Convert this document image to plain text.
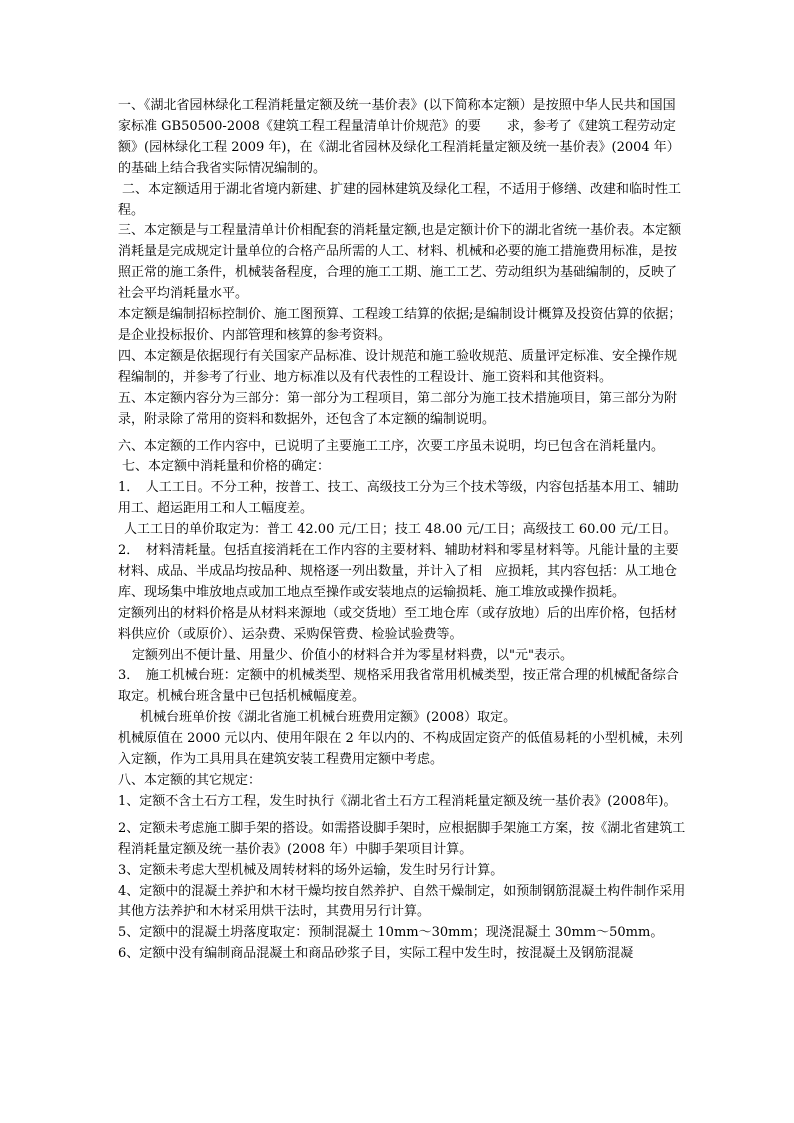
一、《湖北省园林绿化工程消耗量定额及统一基价表》(以下简称本定额）是按照中华人民共和国国家标准 GB50500-2008《建筑工程工程量清单计价规范》的要　　求，参考了《建筑工程劳动定额》(园林绿化工程 2009 年)，在《湖北省园林及绿化工程消耗量定额及统一基价表》(2004 年）的基础上结合我省实际情况编制的。

二、本定额适用于湖北省境内新建、扩建的园林建筑及绿化工程，不适用于修缮、改建和临时性工程。

三、本定额是与工程量清单计价相配套的消耗量定额,也是定额计价下的湖北省统一基价表。本定额消耗量是完成规定计量单位的合格产品所需的人工、材料、机械和必要的施工措施费用标准，是按照正常的施工条件，机械装备程度，合理的施工工期、施工工艺、劳动组织为基础编制的，反映了社会平均消耗量水平。

本定额是编制招标控制价、施工图预算、工程竣工结算的依据;是编制设计概算及投资估算的依据；是企业投标报价、内部管理和核算的参考资料。

四、本定额是依据现行有关国家产品标准、设计规范和施工验收规范、质量评定标准、安全操作规程编制的，并参考了行业、地方标准以及有代表性的工程设计、施工资料和其他资料。

五、本定额内容分为三部分：第一部分为工程项目，第二部分为施工技术措施项目，第三部分为附录，附录除了常用的资料和数据外，还包含了本定额的编制说明。

六、本定额的工作内容中，已说明了主要施工工序，次要工序虽未说明，均已包含在消耗量内。

七、本定额中消耗量和价格的确定：

1．　人工工日。不分工种，按普工、技工、高级技工分为三个技术等级，内容包括基本用工、辅助用工、超运距用工和人工幅度差。

人工工日的单价取定为：普工 42.00 元/工日；技工 48.00 元/工日；高级技工 60.00 元/工日。

2．　材料清耗量。包括直接消耗在工作内容的主要材料、辅助材料和零星材料等。凡能计量的主要材料、成品、半成品均按品种、规格逐一列出数量，并计入了相　应损耗，其内容包括：从工地仓库、现场集中堆放地点或加工地点至操作或安装地点的运输损耗、施工堆放或操作损耗。

定额列出的材料价格是从材料来源地（或交货地）至工地仓库（或存放地）后的出库价格，包括材料供应价（或原价）、运杂费、采购保管费、检验试验费等。

定额列出不便计量、用量少、价值小的材料合并为零星材料费，以"元"表示。

3．　施工机械台班：定额中的机械类型、规格采用我省常用机械类型，按正常合理的机械配备综合取定。机械台班含量中已包括机械幅度差。

机械台班单价按《湖北省施工机械台班费用定额》(2008）取定。

机械原值在 2000 元以内、使用年限在 2 年以内的、不构成固定资产的低值易耗的小型机械，未列入定额，作为工具用具在建筑安装工程费用定额中考虑。

八、本定额的其它规定：

1、定额不含土石方工程，发生时执行《湖北省土石方工程消耗量定额及统一基价表》(2008年)。

2、定额未考虑施工脚手架的搭设。如需搭设脚手架时，应根据脚手架施工方案，按《湖北省建筑工程消耗量定额及统一基价表》(2008 年）中脚手架项目计算。

3、定额未考虑大型机械及周转材料的场外运输，发生时另行计算。

4、定额中的混凝土养护和木材干燥均按自然养护、自然干燥制定，如预制钢筋混凝土构件制作采用其他方法养护和木材采用烘干法时，其费用另行计算。

5、定额中的混凝土坍落度取定：预制混凝土 10mm～30mm；现浇混凝土 30mm～50mm。

6、定额中没有编制商品混凝土和商品砂浆子目，实际工程中发生时，按混凝土及钢筋混凝
